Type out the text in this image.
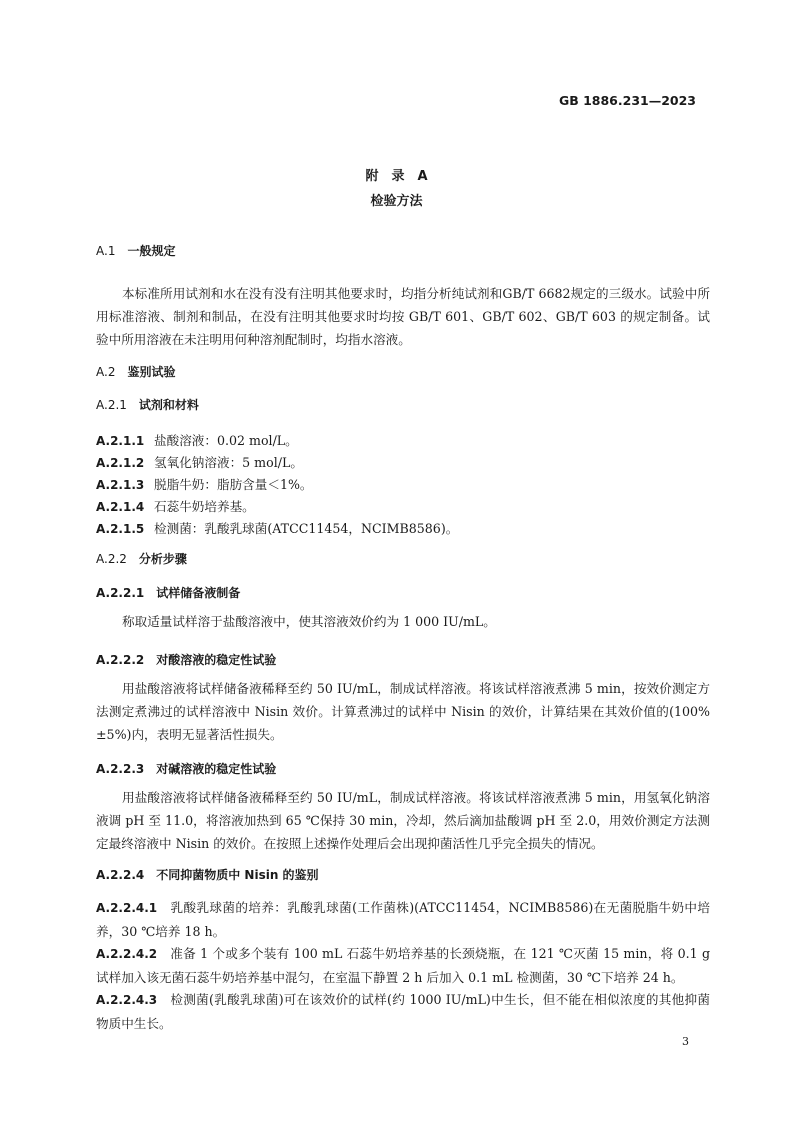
GB 1886.231—2023
附　录　A
检验方法
A.1 一般规定

本标准所用试剂和水在没有没有注明其他要求时，均指分析纯试剂和GB/T 6682规定的三级水。试验中所用标准溶液、制剂和制品，在没有注明其他要求时均按 GB/T 601、GB/T 602、GB/T 603 的规定制备。试验中所用溶液在未注明用何种溶剂配制时，均指水溶液。

A.2 鉴别试验
A.2.1 试剂和材料
A.2.1.1 盐酸溶液：0.02 mol/L。
A.2.1.2 氢氧化钠溶液：5 mol/L。
A.2.1.3 脱脂牛奶：脂肪含量＜1%。
A.2.1.4 石蕊牛奶培养基。
A.2.1.5 检测菌：乳酸乳球菌(ATCC11454，NCIMB8586)。
A.2.2 分析步骤
A.2.2.1 试样储备液制备

称取适量试样溶于盐酸溶液中，使其溶液效价约为 1 000 IU/mL。

A.2.2.2 对酸溶液的稳定性试验

用盐酸溶液将试样储备液稀释至约 50 IU/mL，制成试样溶液。将该试样溶液煮沸 5 min，按效价测定方法测定煮沸过的试样溶液中 Nisin 效价。计算煮沸过的试样中 Nisin 的效价，计算结果在其效价值的(100%±5%)内，表明无显著活性损失。

A.2.2.3 对碱溶液的稳定性试验

用盐酸溶液将试样储备液稀释至约 50 IU/mL，制成试样溶液。将该试样溶液煮沸 5 min，用氢氧化钠溶液调 pH 至 11.0，将溶液加热到 65 ℃保持 30 min，冷却，然后滴加盐酸调 pH 至 2.0，用效价测定方法测定最终溶液中 Nisin 的效价。在按照上述操作处理后会出现抑菌活性几乎完全损失的情况。

A.2.2.4 不同抑菌物质中 Nisin 的鉴别

A.2.2.4.1　 乳酸乳球菌的培养：乳酸乳球菌(工作菌株)(ATCC11454，NCIMB8586)在无菌脱脂牛奶中培养，30 ℃培养 18 h。

A.2.2.4.2　 准备 1 个或多个装有 100 mL 石蕊牛奶培养基的长颈烧瓶，在 121 ℃灭菌 15 min，将 0.1 g 试样加入该无菌石蕊牛奶培养基中混匀，在室温下静置 2 h 后加入 0.1 mL 检测菌，30 ℃下培养 24 h。

A.2.2.4.3　 检测菌(乳酸乳球菌)可在该效价的试样(约 1000 IU/mL)中生长，但不能在相似浓度的其他抑菌物质中生长。

3
